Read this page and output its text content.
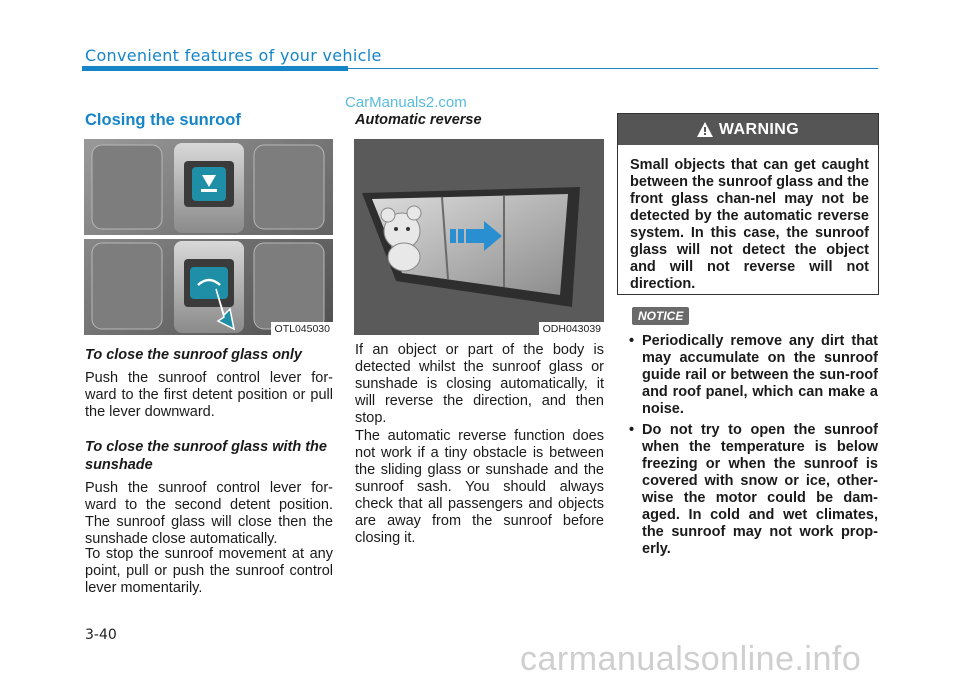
Convenient features of your vehicle
CarManuals2.com
Closing the sunroof
OTL045030
To close the sunroof glass only
Push the sunroof control lever for-ward to the first detent position or pull the lever downward.
To close the sunroof glass with the sunshade
Push the sunroof control lever for-ward to the second detent position. The sunroof glass will close then the sunshade close automatically.
To stop the sunroof movement at any point, pull or push the sunroof control lever momentarily.
Automatic reverse
ODH043039
If an object or part of the body is detected whilst the sunroof glass or sunshade is closing automatically, it will reverse the direction, and then stop.
The automatic reverse function does not work if a tiny obstacle is between the sliding glass or sunshade and the sunroof sash. You should always check that all passengers and objects are away from the sunroof before closing it.
WARNING
Small objects that can get caught between the sunroof glass and the front glass chan-nel may not be detected by the automatic reverse system. In this case, the sunroof glass will not detect the object and will not reverse will not direction.
NOTICE
• Periodically remove any dirt that may accumulate on the sunroof guide rail or between the sun-roof and roof panel, which can make a noise.
• Do not try to open the sunroof when the temperature is below freezing or when the sunroof is covered with snow or ice, other-wise the motor could be dam-aged. In cold and wet climates, the sunroof may not work prop-erly.
3-40
carmanualsonline.info
